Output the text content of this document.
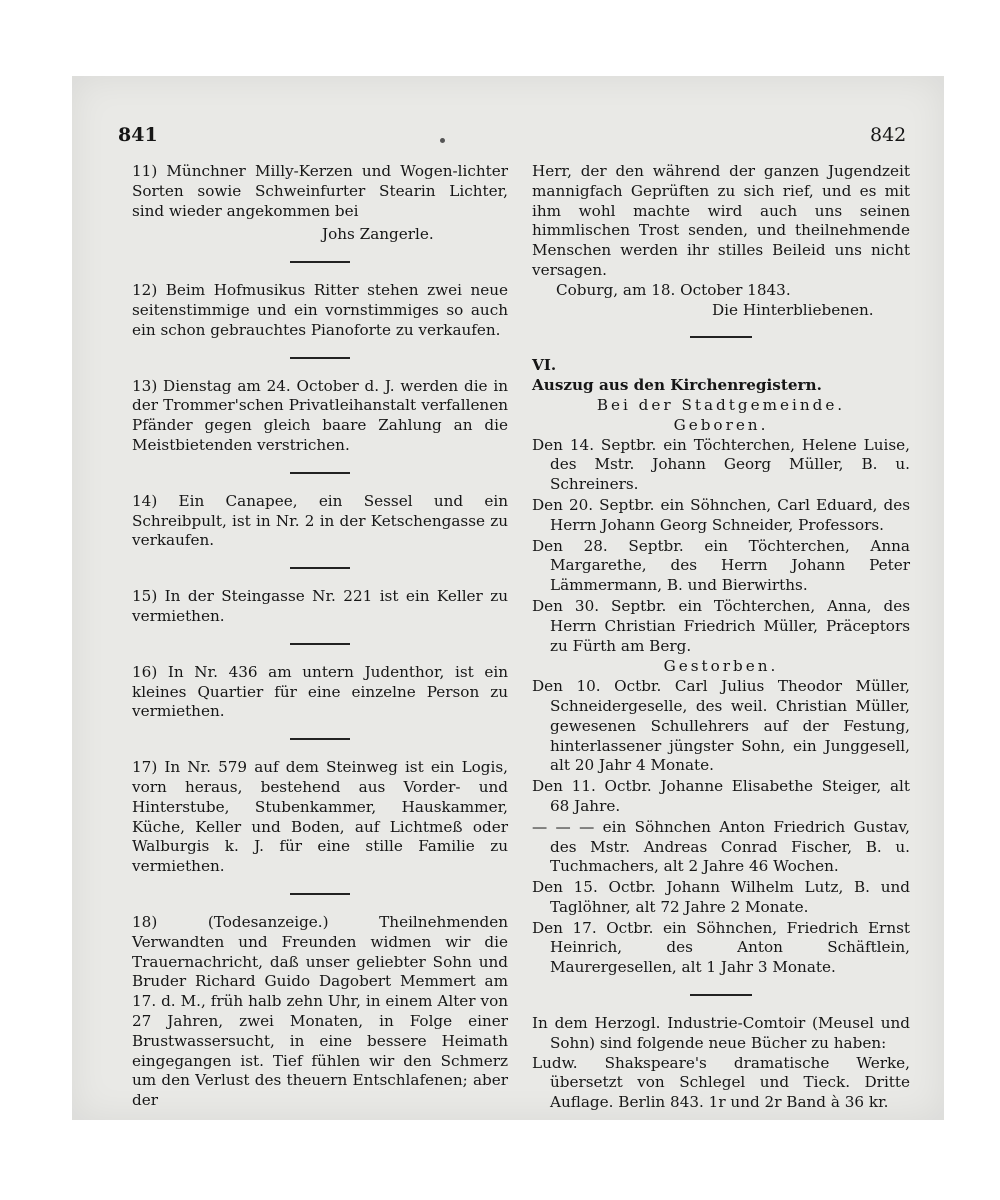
841	842

11) Münchner Milly-Kerzen und Wogen-lichter Sorten sowie Schweinfurter Stearin Lichter, sind wieder angekommen bei

Johs Zangerle.

12) Beim Hofmusikus Ritter stehen zwei neue seitenstimmige und ein vornstimmiges so auch ein schon gebrauchtes Pianoforte zu verkaufen.

13) Dienstag am 24. October d. J. werden die in der Trommer'schen Privatleihanstalt verfallenen Pfänder gegen gleich baare Zahlung an die Meistbietenden verstrichen.

14) Ein Canapee, ein Sessel und ein Schreibpult, ist in Nr. 2 in der Ketschengasse zu verkaufen.

15) In der Steingasse Nr. 221 ist ein Keller zu vermiethen.

16) In Nr. 436 am untern Judenthor, ist ein kleines Quartier für eine einzelne Person zu vermiethen.

17) In Nr. 579 auf dem Steinweg ist ein Logis, vorn heraus, bestehend aus Vorder- und Hinterstube, Stubenkammer, Hauskammer, Küche, Keller und Boden, auf Lichtmeß oder Walburgis k. J. für eine stille Familie zu vermiethen.

18) (Todesanzeige.) Theilnehmenden Verwandten und Freunden widmen wir die Trauernachricht, daß unser geliebter Sohn und Bruder Richard Guido Dagobert Memmert am 17. d. M., früh halb zehn Uhr, in einem Alter von 27 Jahren, zwei Monaten, in Folge einer Brustwassersucht, in eine bessere Heimath eingegangen ist. Tief fühlen wir den Schmerz um den Verlust des theuern Entschlafenen; aber der

Herr, der den während der ganzen Jugendzeit mannigfach Geprüften zu sich rief, und es mit ihm wohl machte wird auch uns seinen himmlischen Trost senden, und theilnehmende Menschen werden ihr stilles Beileid uns nicht versagen.

Coburg, am 18. October 1843.

Die Hinterbliebenen.

VI.

Auszug aus den Kirchenregistern.

Bei der Stadtgemeinde.

Geboren.

Den 14. Septbr. ein Töchterchen, Helene Luise, des Mstr. Johann Georg Müller, B. u. Schreiners.

Den 20. Septbr. ein Söhnchen, Carl Eduard, des Herrn Johann Georg Schneider, Professors.

Den 28. Septbr. ein Töchterchen, Anna Margarethe, des Herrn Johann Peter Lämmermann, B. und Bierwirths.

Den 30. Septbr. ein Töchterchen, Anna, des Herrn Christian Friedrich Müller, Präceptors zu Fürth am Berg.

Gestorben.

Den 10. Octbr. Carl Julius Theodor Müller, Schneidergeselle, des weil. Christian Müller, gewesenen Schullehrers auf der Festung, hinterlassener jüngster Sohn, ein Junggesell, alt 20 Jahr 4 Monate.

Den 11. Octbr. Johanne Elisabethe Steiger, alt 68 Jahre.

— — — ein Söhnchen Anton Friedrich Gustav, des Mstr. Andreas Conrad Fischer, B. u. Tuchmachers, alt 2 Jahre 46 Wochen.

Den 15. Octbr. Johann Wilhelm Lutz, B. und Taglöhner, alt 72 Jahre 2 Monate.

Den 17. Octbr. ein Söhnchen, Friedrich Ernst Heinrich, des Anton Schäftlein, Maurergesellen, alt 1 Jahr 3 Monate.

In dem Herzogl. Industrie-Comtoir (Meusel und Sohn) sind folgende neue Bücher zu haben:

Ludw. Shakspeare's dramatische Werke, übersetzt von Schlegel und Tieck. Dritte Auflage. Berlin 843. 1r und 2r Band à 36 kr.
